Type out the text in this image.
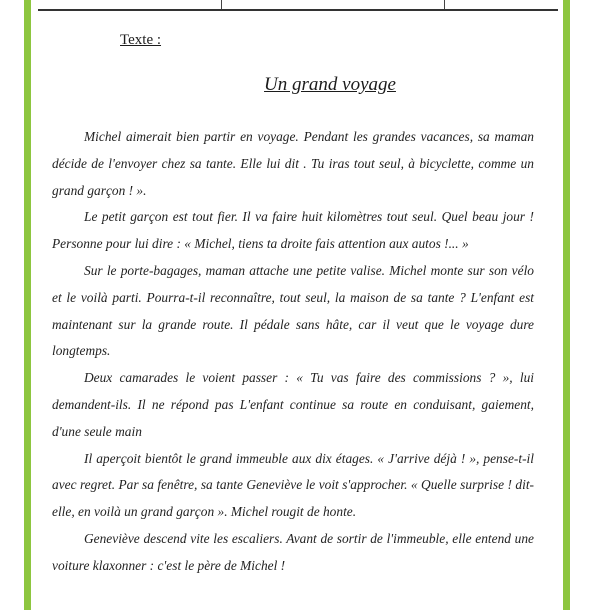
Texte :
Un grand voyage

Michel aimerait bien partir en voyage. Pendant les grandes vacances, sa maman décide de l'envoyer chez sa tante. Elle lui dit . Tu iras tout seul, à bicyclette, comme un grand garçon ! ».

Le petit garçon est tout fier. Il va faire huit kilomètres tout seul. Quel beau jour ! Personne pour lui dire : « Michel, tiens ta droite fais attention aux autos !... »

Sur le porte-bagages, maman attache une petite valise. Michel monte sur son vélo et le voilà parti. Pourra-t-il reconnaître, tout seul, la maison de sa tante ? L'enfant est maintenant sur la grande route. Il pédale sans hâte, car il veut que le voyage dure longtemps.

Deux camarades le voient passer : « Tu vas faire des commissions ? », lui demandent-ils. Il ne répond pas L'enfant continue sa route en conduisant, gaiement, d'une seule main

Il aperçoit bientôt le grand immeuble aux dix étages. « J'arrive déjà ! », pense-t-il avec regret. Par sa fenêtre, sa tante Geneviève le voit s'approcher. « Quelle surprise ! dit-elle, en voilà un grand garçon ». Michel rougit de honte.

Geneviève descend vite les escaliers. Avant de sortir de l'immeuble, elle entend une voiture klaxonner : c'est le père de Michel !
